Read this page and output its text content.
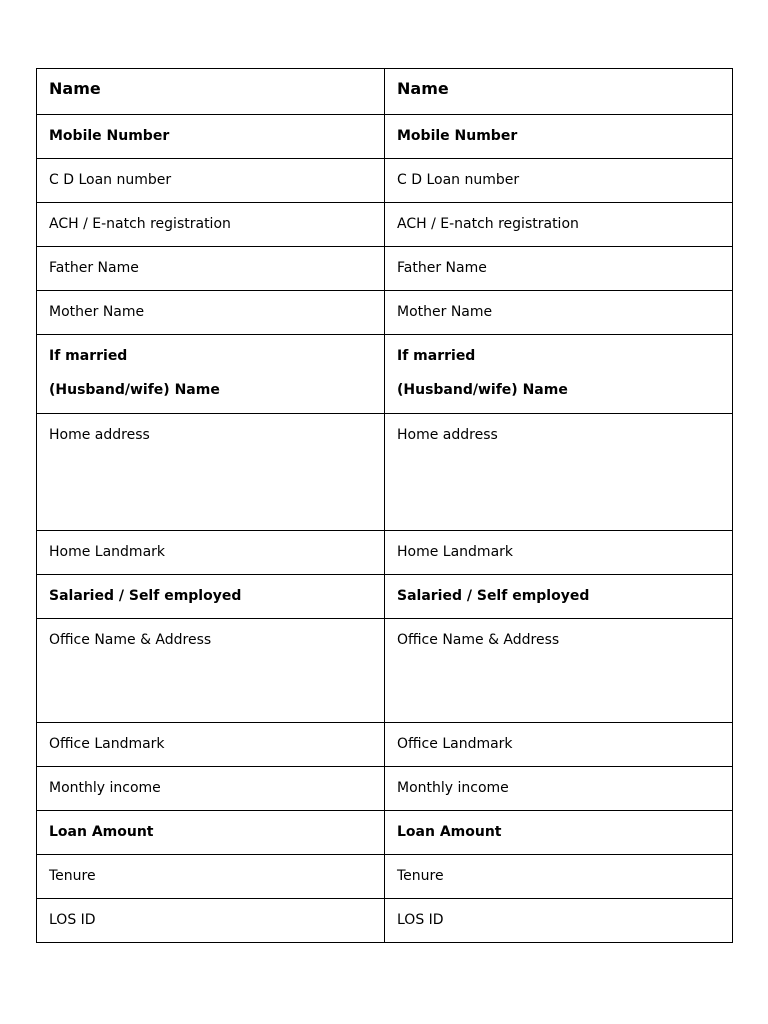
Name	Name

Mobile Number	Mobile Number

C D Loan number	C D Loan number

ACH / E-natch registration	ACH / E-natch registration

Father Name	Father Name

Mother Name	Mother Name

If married
(Husband/wife) Name	If married
(Husband/wife) Name

Home address	Home address

Home Landmark	Home Landmark

Salaried / Self employed	Salaried / Self employed

Office Name & Address	Office Name & Address

Office Landmark	Office Landmark

Monthly income	Monthly income

Loan Amount	Loan Amount

Tenure	Tenure

LOS ID	LOS ID
